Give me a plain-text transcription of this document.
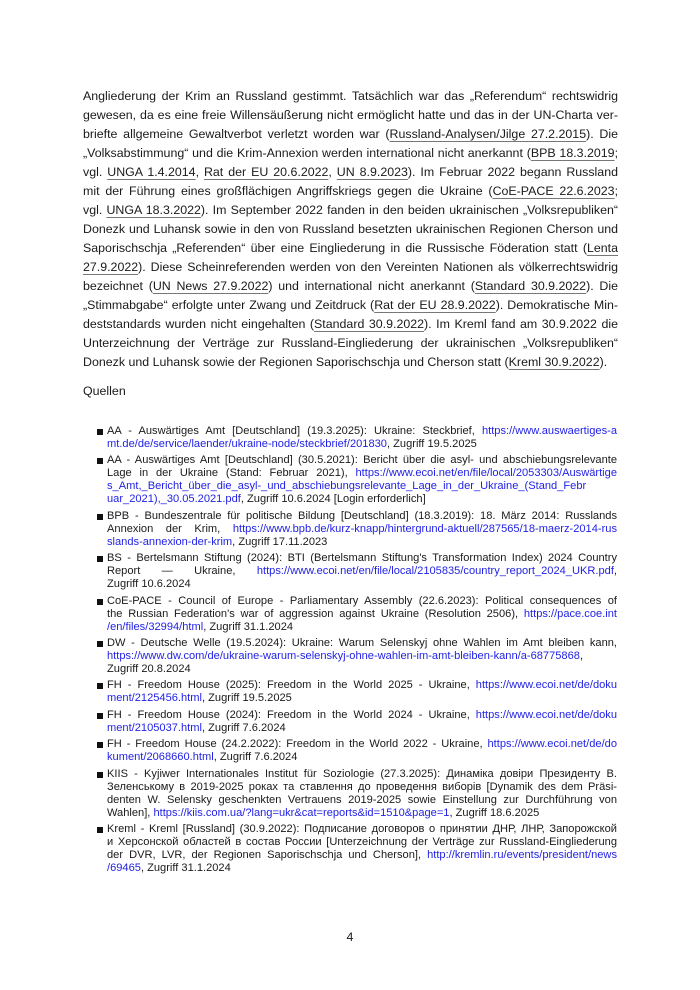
Angliederung der Krim an Russland gestimmt. Tatsächlich war das „Referendum“ rechtswidrig
gewesen, da es eine freie Willensäußerung nicht ermöglicht hatte und das in der UN-Charta ver-
briefte allgemeine Gewaltverbot verletzt worden war (Russland-Analysen/Jilge 27.2.2015). Die
„Volksabstimmung“ und die Krim-Annexion werden international nicht anerkannt (BPB 18.3.2019;
vgl. UNGA 1.4.2014, Rat der EU 20.6.2022, UN 8.9.2023). Im Februar 2022 begann Russland
mit der Führung eines großflächigen Angriffskriegs gegen die Ukraine (CoE-PACE 22.6.2023;
vgl. UNGA 18.3.2022). Im September 2022 fanden in den beiden ukrainischen „Volksrepubliken“
Donezk und Luhansk sowie in den von Russland besetzten ukrainischen Regionen Cherson und
Saporischschja „Referenden“ über eine Eingliederung in die Russische Föderation statt (Lenta
27.9.2022). Diese Scheinreferenden werden von den Vereinten Nationen als völkerrechtswidrig
bezeichnet (UN News 27.9.2022) und international nicht anerkannt (Standard 30.9.2022). Die
„Stimmabgabe“ erfolgte unter Zwang und Zeitdruck (Rat der EU 28.9.2022). Demokratische Min-
deststandards wurden nicht eingehalten (Standard 30.9.2022). Im Kreml fand am 30.9.2022 die
Unterzeichnung der Verträge zur Russland-Eingliederung der ukrainischen „Volksrepubliken“
Donezk und Luhansk sowie der Regionen Saporischschja und Cherson statt (Kreml 30.9.2022).
Quellen
AA - Auswärtiges Amt [Deutschland] (19.3.2025): Ukraine: Steckbrief, https://www.auswaertiges-a
mt.de/de/service/laender/ukraine-node/steckbrief/201830, Zugriff 19.5.2025
AA - Auswärtiges Amt [Deutschland] (30.5.2021): Bericht über die asyl- und abschiebungsrelevante
Lage in der Ukraine (Stand: Februar 2021), https://www.ecoi.net/en/file/local/2053303/Auswärtige
s_Amt,_Bericht_über_die_asyl-_und_abschiebungsrelevante_Lage_in_der_Ukraine_(Stand_Febr
uar_2021),_30.05.2021.pdf, Zugriff 10.6.2024 [Login erforderlich]
BPB - Bundeszentrale für politische Bildung [Deutschland] (18.3.2019): 18. März 2014: Russlands
Annexion der Krim, https://www.bpb.de/kurz-knapp/hintergrund-aktuell/287565/18-maerz-2014-rus
slands-annexion-der-krim, Zugriff 17.11.2023
BS - Bertelsmann Stiftung (2024): BTI (Bertelsmann Stiftung's Transformation Index) 2024 Country
Report — Ukraine, https://www.ecoi.net/en/file/local/2105835/country_report_2024_UKR.pdf,
Zugriff 10.6.2024
CoE-PACE - Council of Europe - Parliamentary Assembly (22.6.2023): Political consequences of
the Russian Federation's war of aggression against Ukraine (Resolution 2506), https://pace.coe.int
/en/files/32994/html, Zugriff 31.1.2024
DW - Deutsche Welle (19.5.2024): Ukraine: Warum Selenskyj ohne Wahlen im Amt bleiben kann,
https://www.dw.com/de/ukraine-warum-selenskyj-ohne-wahlen-im-amt-bleiben-kann/a-68775868,
Zugriff 20.8.2024
FH - Freedom House (2025): Freedom in the World 2025 - Ukraine, https://www.ecoi.net/de/doku
ment/2125456.html, Zugriff 19.5.2025
FH - Freedom House (2024): Freedom in the World 2024 - Ukraine, https://www.ecoi.net/de/doku
ment/2105037.html, Zugriff 7.6.2024
FH - Freedom House (24.2.2022): Freedom in the World 2022 - Ukraine, https://www.ecoi.net/de/do
kument/2068660.html, Zugriff 7.6.2024
KIIS - Kyjiwer Internationales Institut für Soziologie (27.3.2025): Динаміка довіри Президенту В.
Зеленському в 2019-2025 роках та ставлення до проведення виборів [Dynamik des dem Präsi-
denten W. Selensky geschenkten Vertrauens 2019-2025 sowie Einstellung zur Durchführung von
Wahlen], https://kiis.com.ua/?lang=ukr&cat=reports&id=1510&page=1, Zugriff 18.6.2025
Kreml - Kreml [Russland] (30.9.2022): Подписание договоров о принятии ДНР, ЛНР, Запорожской
и Херсонской областей в состав России [Unterzeichnung der Verträge zur Russland-Eingliederung
der DVR, LVR, der Regionen Saporischschja und Cherson], http://kremlin.ru/events/president/news
/69465, Zugriff 31.1.2024
4
